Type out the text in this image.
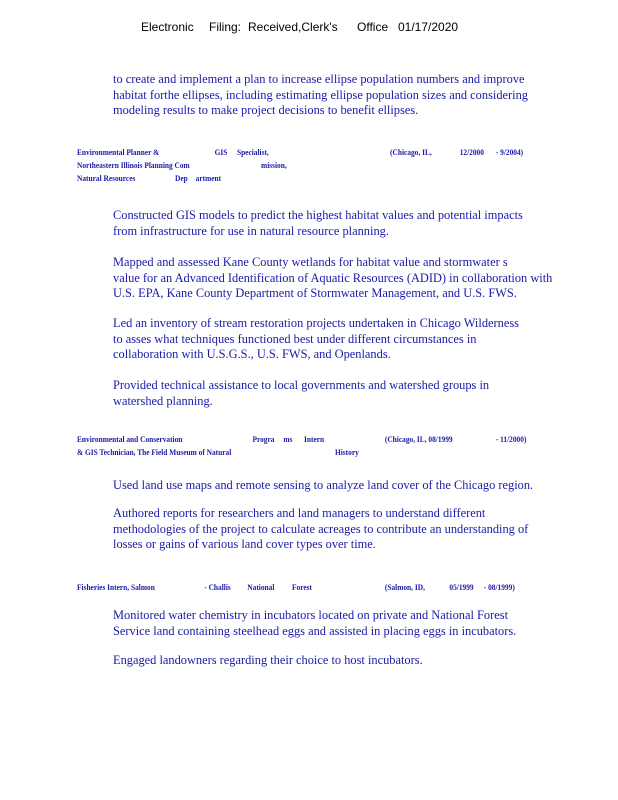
Electronic Filing: Received,Clerk's Office 01/17/2020

to create and implement a plan to increase ellipse population numbers and improve

habitat forthe ellipses, including estimating ellipse population sizes and considering

modeling results to make project decisions to benefit ellipses.

Environmental Planner &	GIS Specialist,	(Chicago, IL,	12/2000 - 9/2004)
Northeastern Illinois Planning Com	mission,
Natural Resources	Dep artment

Constructed GIS models to predict the highest habitat values and potential impacts

from infrastructure for use in natural resource planning.

Mapped and assessed Kane County wetlands for habitat value and stormwater s

value for an Advanced Identification of Aquatic Resources (ADID) in collaboration with

U.S. EPA, Kane County Department of Stormwater Management, and U.S. FWS.

Led an inventory of stream restoration projects undertaken in Chicago Wilderness

to asses what techniques functioned best under different circumstances in

collaboration with U.S.G.S., U.S. FWS, and Openlands.

Provided technical assistance to local governments and watershed groups in

watershed planning.

Environmental and Conservation	Progra ms Intern	(Chicago, IL, 08/1999	- 11/2000)
& GIS Technician, The Field Museum of Natural	History

Used land use maps and remote sensing to analyze land cover of the Chicago region.

Authored reports for researchers and land managers to understand different

methodologies of the project to calculate acreages to contribute an understanding of

losses or gains of various land cover types over time.

Fisheries Intern, Salmon	- Challis National Forest	(Salmon, ID,	05/1999 - 08/1999)

Monitored water chemistry in incubators located on private and National Forest

Service land containing steelhead eggs and assisted in placing eggs in incubators.

Engaged landowners regarding their choice to host incubators.
